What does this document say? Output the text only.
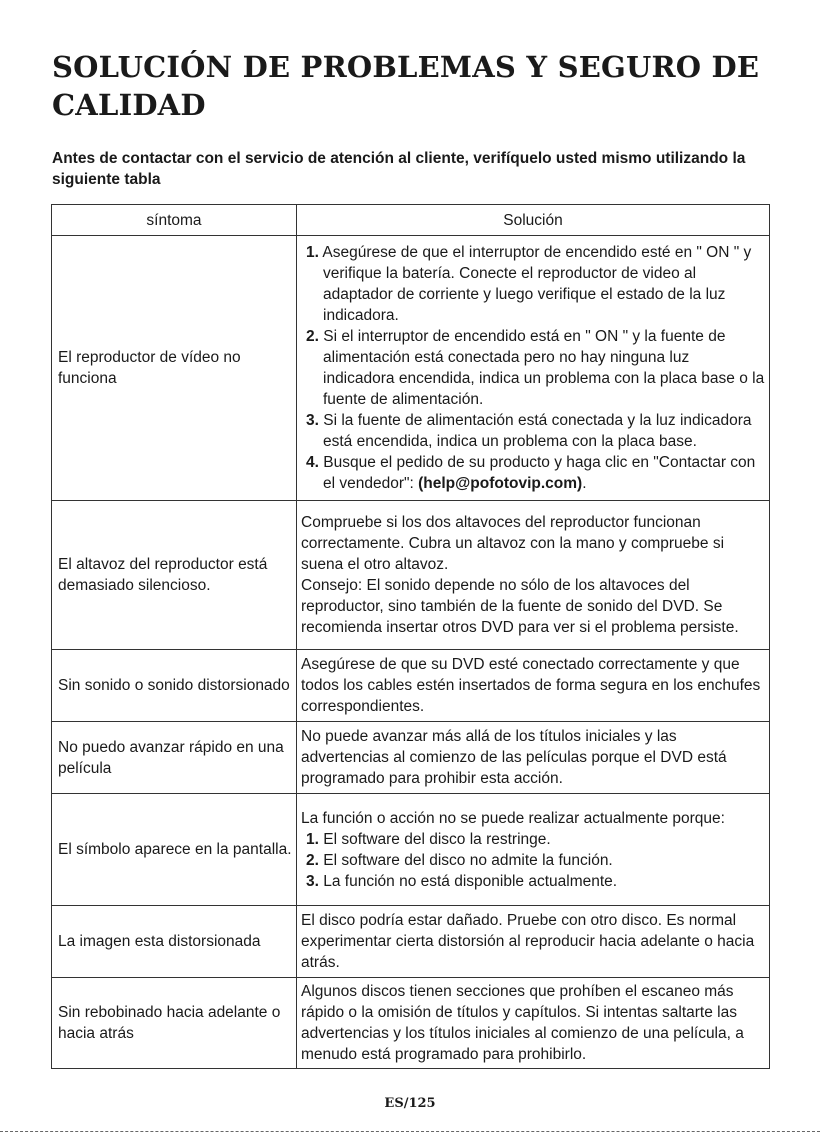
SOLUCIÓN DE PROBLEMAS Y SEGURO DE CALIDAD

Antes de contactar con el servicio de atención al cliente, verifíquelo usted mismo utilizando la siguiente tabla

síntoma	Solución
El reproductor de vídeo no funciona	1. Asegúrese de que el interruptor de encendido esté en " ON " y verifique la batería. Conecte el reproductor de video al adaptador de corriente y luego verifique el estado de la luz indicadora.
2. Si el interruptor de encendido está en " ON " y la fuente de alimentación está conectada pero no hay ninguna luz indicadora encendida, indica un problema con la placa base o la fuente de alimentación.
3. Si la fuente de alimentación está conectada y la luz indicadora está encendida, indica un problema con la placa base.
4. Busque el pedido de su producto y haga clic en "Contactar con el vendedor": (help@pofotovip.com).

El altavoz del reproductor está demasiado silencioso.	Compruebe si los dos altavoces del reproductor funcionan correctamente. Cubra un altavoz con la mano y compruebe si suena el otro altavoz.
Consejo: El sonido depende no sólo de los altavoces del reproductor, sino también de la fuente de sonido del DVD. Se recomienda insertar otros DVD para ver si el problema persiste.

Sin sonido o sonido distorsionado	Asegúrese de que su DVD esté conectado correctamente y que todos los cables estén insertados de forma segura en los enchufes correspondientes.
No puedo avanzar rápido en una película	No puede avanzar más allá de los títulos iniciales y las advertencias al comienzo de las películas porque el DVD está programado para prohibir esta acción.
El símbolo aparece en la pantalla.	La función o acción no se puede realizar actualmente porque:
1. El software del disco la restringe.
2. El software del disco no admite la función.
3. La función no está disponible actualmente.

La imagen esta distorsionada	El disco podría estar dañado. Pruebe con otro disco. Es normal experimentar cierta distorsión al reproducir hacia adelante o hacia atrás.
Sin rebobinado hacia adelante o hacia atrás	Algunos discos tienen secciones que prohíben el escaneo más rápido o la omisión de títulos y capítulos. Si intentas saltarte las advertencias y los títulos iniciales al comienzo de una película, a menudo está programado para prohibirlo.
ES/125
